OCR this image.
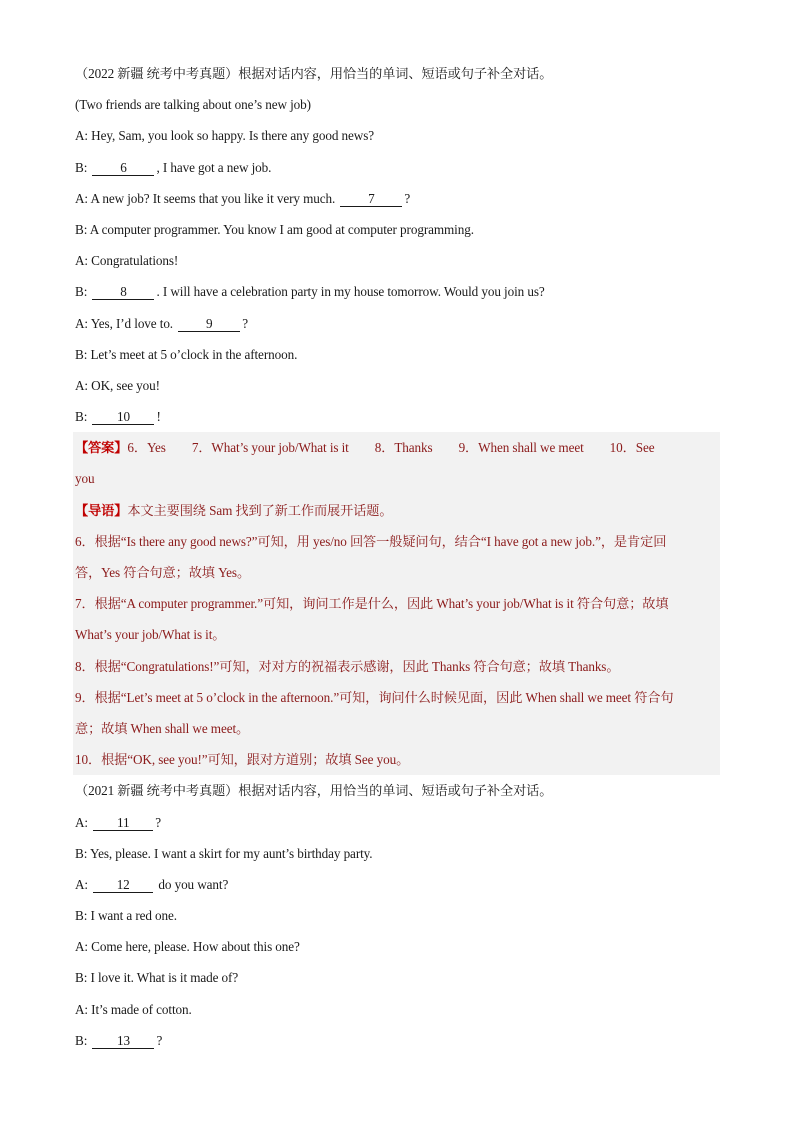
（2022 新疆 统考中考真题）根据对话内容，用恰当的单词、短语或句子补全对话。
(Two friends are talking about one’s new job)
A: Hey, Sam, you look so happy. Is there any good news?
B: 6 , I have got a new job.
A: A new job? It seems that you like it very much. 7 ?
B: A computer programmer. You know I am good at computer programming.
A: Congratulations!
B: 8 . I will have a celebration party in my house tomorrow. Would you join us?
A: Yes, I’d love to. 9 ?
B: Let’s meet at 5 o’clock in the afternoon.
A: OK, see you!
B: 10 !
【答案】6．Yes 7．What’s your job/What is it 8．Thanks 9．When shall we meet 10．See
you
【导语】本文主要围绕 Sam 找到了新工作而展开话题。
6．根据“Is there any good news?”可知，用 yes/no 回答一般疑问句，结合“I have got a new job.”，是肯定回
答，Yes 符合句意；故填 Yes。
7．根据“A computer programmer.”可知，询问工作是什么，因此 What’s your job/What is it 符合句意；故填
What’s your job/What is it。
8．根据“Congratulations!”可知，对对方的祝福表示感谢，因此 Thanks 符合句意；故填 Thanks。
9．根据“Let’s meet at 5 o’clock in the afternoon.”可知，询问什么时候见面，因此 When shall we meet 符合句
意；故填 When shall we meet。
10．根据“OK, see you!”可知，跟对方道别；故填 See you。
（2021 新疆 统考中考真题）根据对话内容，用恰当的单词、短语或句子补全对话。
A: 11 ?
B: Yes, please. I want a skirt for my aunt’s birthday party.
A: 12 do you want?
B: I want a red one.
A: Come here, please. How about this one?
B: I love it. What is it made of?
A: It’s made of cotton.
B: 13 ?
